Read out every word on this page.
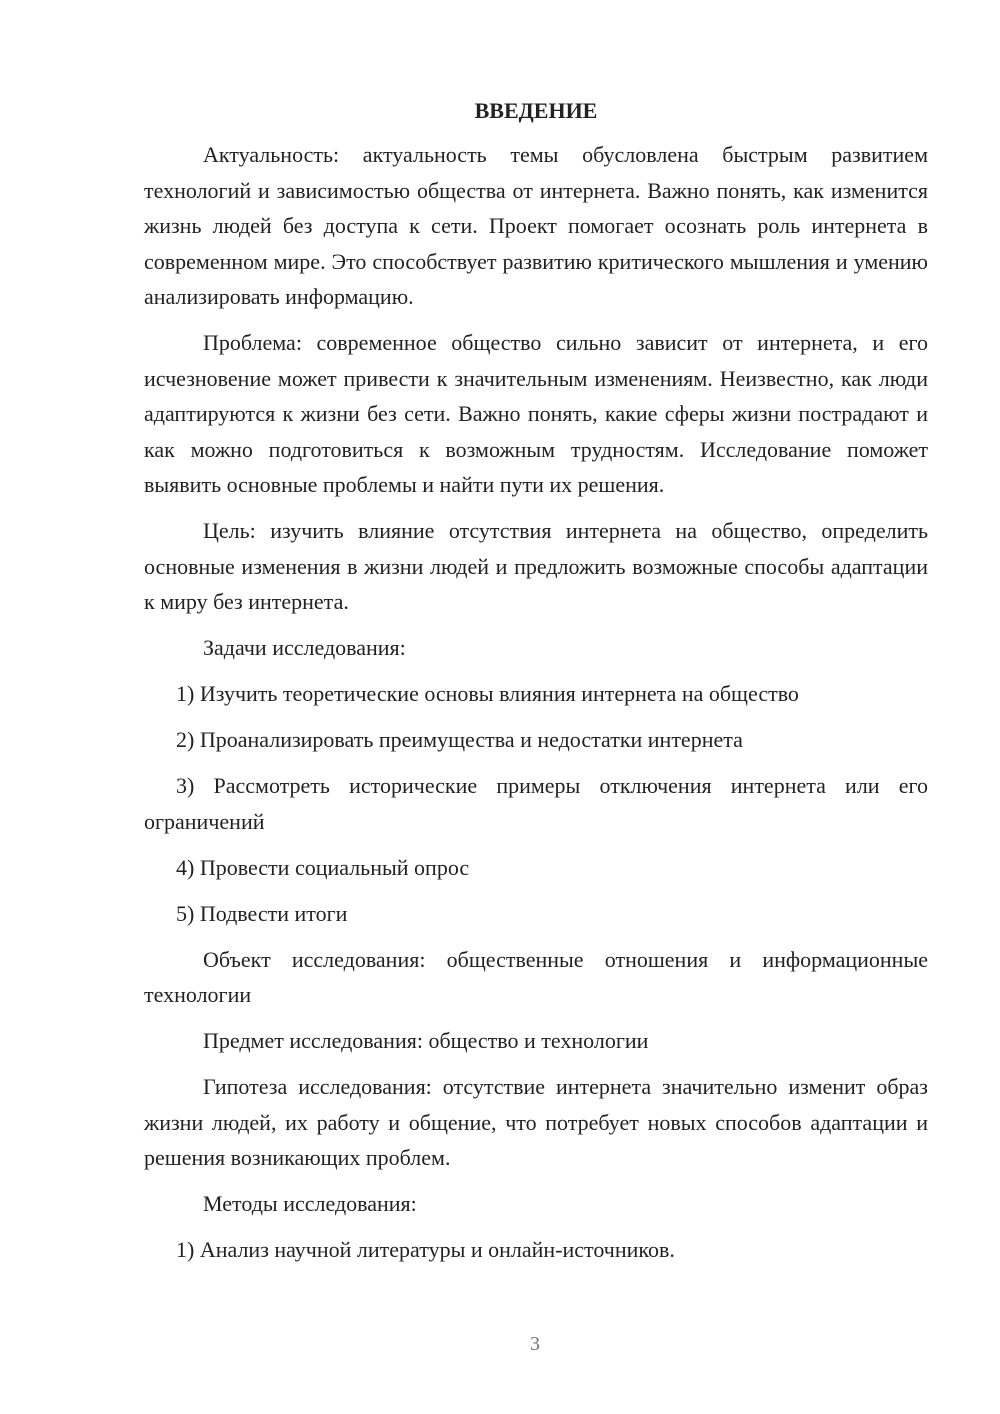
ВВЕДЕНИЕ

Актуальность: актуальность темы обусловлена быстрым развитием технологий и зависимостью общества от интернета. Важно понять, как изменится жизнь людей без доступа к сети. Проект помогает осознать роль интернета в современном мире. Это способствует развитию критического мышления и умению анализировать информацию.

Проблема: современное общество сильно зависит от интернета, и его исчезновение может привести к значительным изменениям. Неизвестно, как люди адаптируются к жизни без сети. Важно понять, какие сферы жизни пострадают и как можно подготовиться к возможным трудностям. Исследование поможет выявить основные проблемы и найти пути их решения.

Цель: изучить влияние отсутствия интернета на общество, определить основные изменения в жизни людей и предложить возможные способы адаптации к миру без интернета.

Задачи исследования:

1) Изучить теоретические основы влияния интернета на общество

2) Проанализировать преимущества и недостатки интернета

3) Рассмотреть исторические примеры отключения интернета или его ограничений

4) Провести социальный опрос

5) Подвести итоги

Объект исследования: общественные отношения и информационные технологии

Предмет исследования: общество и технологии

Гипотеза исследования: отсутствие интернета значительно изменит образ жизни людей, их работу и общение, что потребует новых способов адаптации и решения возникающих проблем.

Методы исследования:

1) Анализ научной литературы и онлайн-источников.

3
